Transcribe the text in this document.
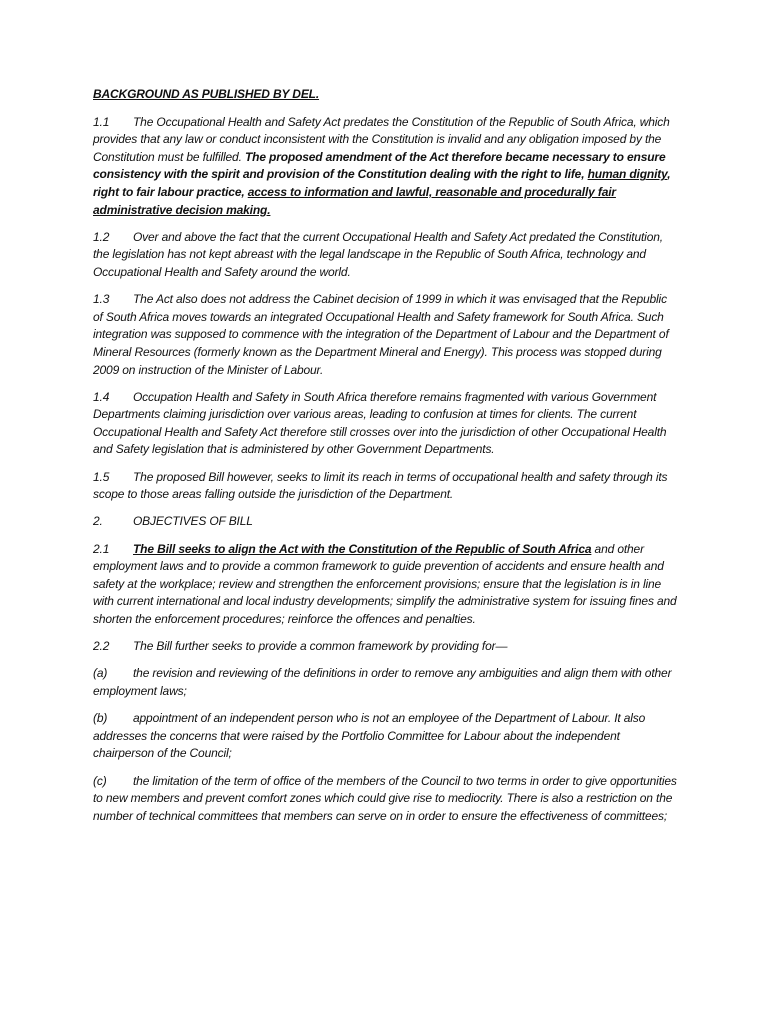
BACKGROUND AS PUBLISHED BY DEL.

1.1 The Occupational Health and Safety Act predates the Constitution of the Republic of South Africa, which provides that any law or conduct inconsistent with the Constitution is invalid and any obligation imposed by the Constitution must be fulfilled. The proposed amendment of the Act therefore became necessary to ensure consistency with the spirit and provision of the Constitution dealing with the right to life, human dignity, right to fair labour practice, access to information and lawful, reasonable and procedurally fair administrative decision making.

1.2 Over and above the fact that the current Occupational Health and Safety Act predated the Constitution, the legislation has not kept abreast with the legal landscape in the Republic of South Africa, technology and Occupational Health and Safety around the world.

1.3 The Act also does not address the Cabinet decision of 1999 in which it was envisaged that the Republic of South Africa moves towards an integrated Occupational Health and Safety framework for South Africa. Such integration was supposed to commence with the integration of the Department of Labour and the Department of Mineral Resources (formerly known as the Department Mineral and Energy). This process was stopped during 2009 on instruction of the Minister of Labour.

1.4 Occupation Health and Safety in South Africa therefore remains fragmented with various Government Departments claiming jurisdiction over various areas, leading to confusion at times for clients. The current Occupational Health and Safety Act therefore still crosses over into the jurisdiction of other Occupational Health and Safety legislation that is administered by other Government Departments.

1.5 The proposed Bill however, seeks to limit its reach in terms of occupational health and safety through its scope to those areas falling outside the jurisdiction of the Department.

2.	OBJECTIVES OF BILL

2.1 The Bill seeks to align the Act with the Constitution of the Republic of South Africa and other employment laws and to provide a common framework to guide prevention of accidents and ensure health and safety at the workplace; review and strengthen the enforcement provisions; ensure that the legislation is in line with current international and local industry developments; simplify the administrative system for issuing fines and shorten the enforcement procedures; reinforce the offences and penalties.

2.2 The Bill further seeks to provide a common framework by providing for—

(a) the revision and reviewing of the definitions in order to remove any ambiguities and align them with other employment laws;

(b) appointment of an independent person who is not an employee of the Department of Labour. It also addresses the concerns that were raised by the Portfolio Committee for Labour about the independent chairperson of the Council;

(c) the limitation of the term of office of the members of the Council to two terms in order to give opportunities to new members and prevent comfort zones which could give rise to mediocrity. There is also a restriction on the number of technical committees that members can serve on in order to ensure the effectiveness of committees;
